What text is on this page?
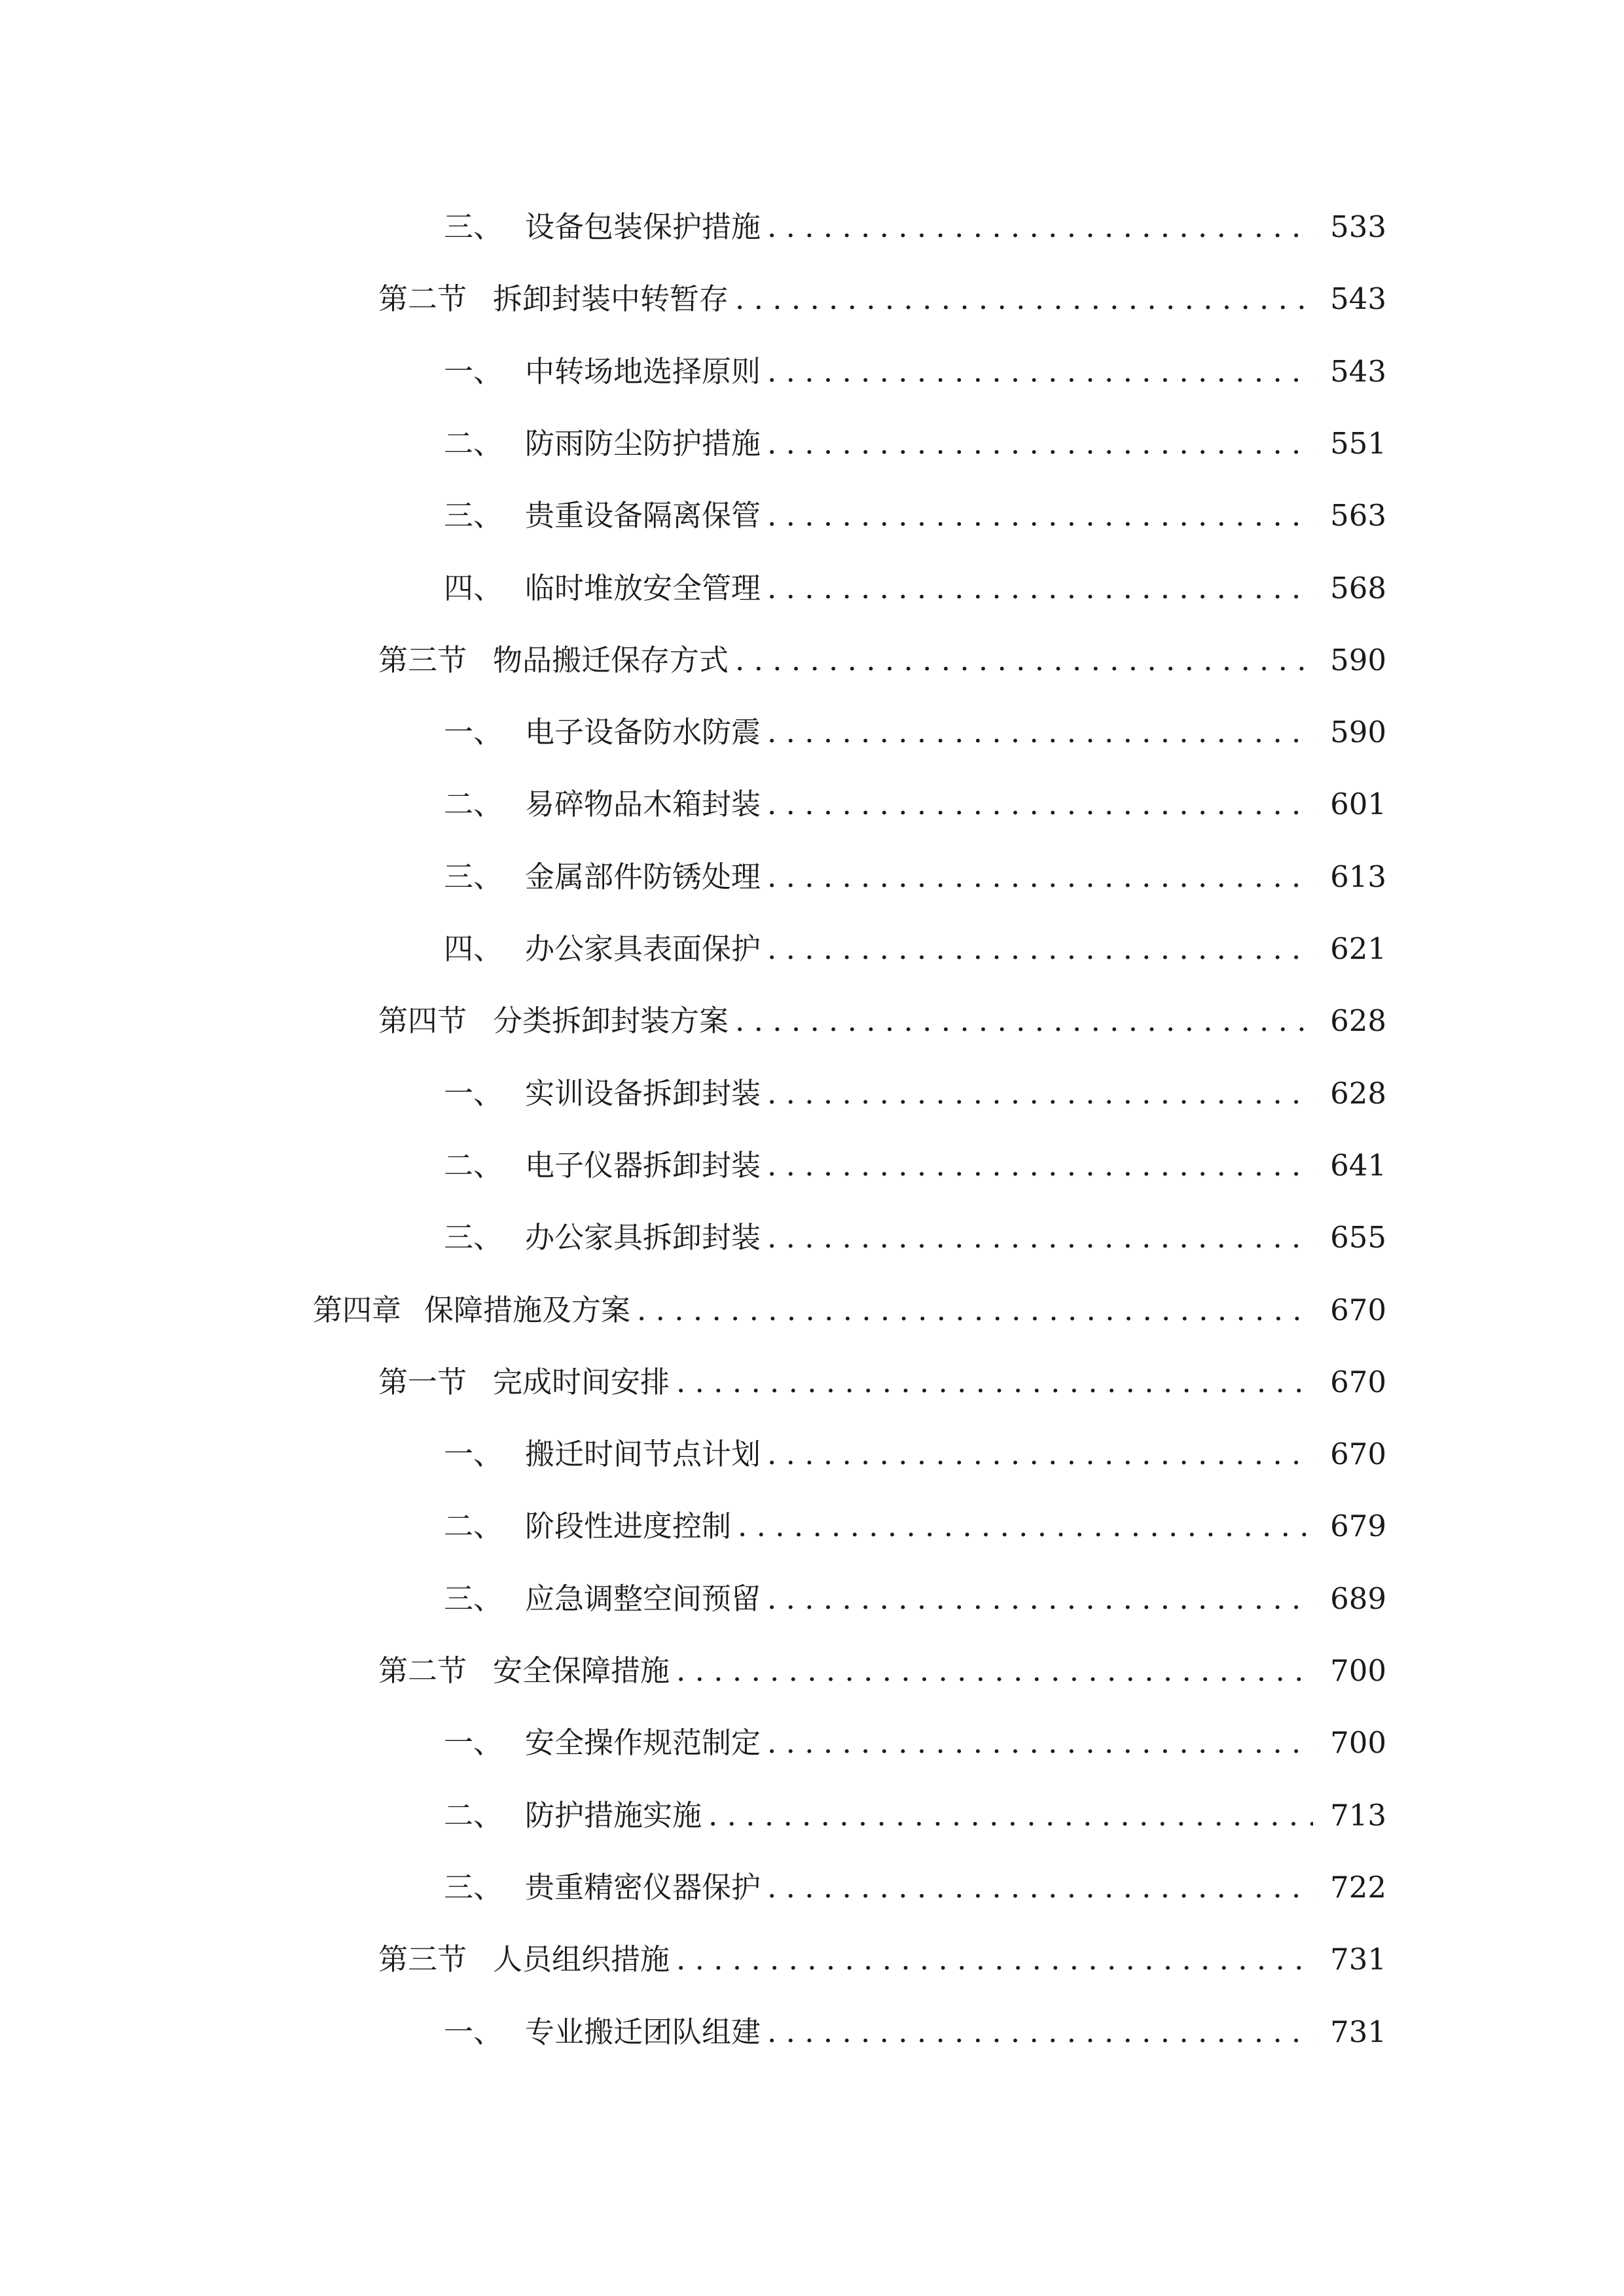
三、 设备包装保护措施 . . .	533
第二节 拆卸封装中转暂存 . . .	543
一、 中转场地选择原则 . . .	543
二、 防雨防尘防护措施 . . .	551
三、 贵重设备隔离保管 . . .	563
四、 临时堆放安全管理 . . .	568
第三节 物品搬迁保存方式 . . .	590
一、 电子设备防水防震 . . .	590
二、 易碎物品木箱封装 . . .	601
三、 金属部件防锈处理 . . .	613
四、 办公家具表面保护 . . .	621
第四节 分类拆卸封装方案 . . .	628
一、 实训设备拆卸封装 . . .	628
二、 电子仪器拆卸封装 . . .	641
三、 办公家具拆卸封装 . . .	655
第四章 保障措施及方案 . . .	670
第一节 完成时间安排 . . .	670
一、 搬迁时间节点计划 . . .	670
二、 阶段性进度控制 . . .	679
三、 应急调整空间预留 . . .	689
第二节 安全保障措施 . . .	700
一、 安全操作规范制定 . . .	700
二、 防护措施实施 . . .	713
三、 贵重精密仪器保护 . . .	722
第三节 人员组织措施 . . .	731
一、 专业搬迁团队组建 . . .	731
